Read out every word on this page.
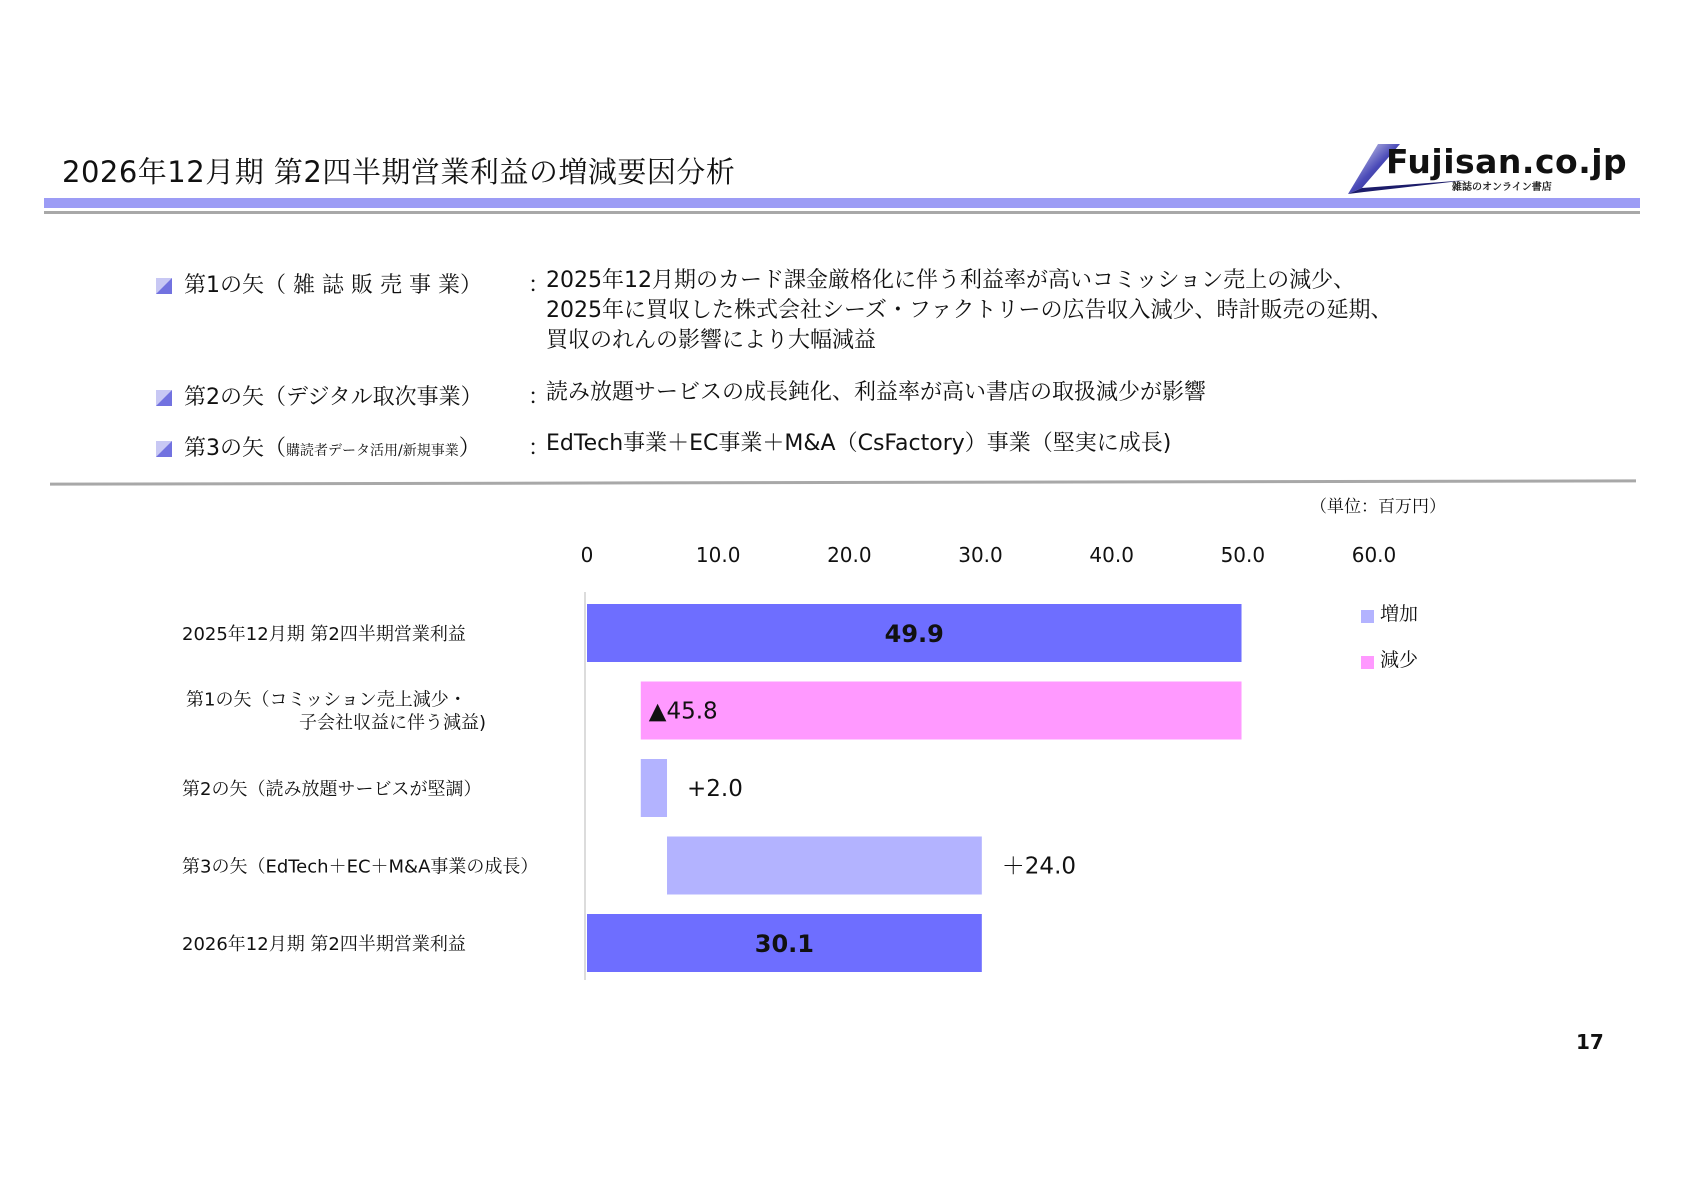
2026年12月期 第2四半期営業利益の増減要因分析	Fujisan.co.jp
雑誌のオンライン書店
第1の矢（ 雑 誌 販 売 事 業） ：
2025年12月期のカード課金厳格化に伴う利益率が高いコミッション売上の減少、
2025年に買収した株式会社シーズ・ファクトリーの広告収入減少、時計販売の延期、
買収のれんの影響により大幅減益
第2の矢（デジタル取次事業） ：
読み放題サービスの成長鈍化、利益率が高い書店の取扱減少が影響
第3の矢（購読者データ活用/新規事業） ：
EdTech事業＋EC事業＋M&A（CsFactory）事業（堅実に成長)
（単位：百万円）
0	10.0	20.0	30.0	40.0	50.0	60.0
49.9
2025年12月期 第2四半期営業利益
▲45.8
第1の矢（コミッション売上減少・
子会社収益に伴う減益)
+2.0
第2の矢（読み放題サービスが堅調）
＋24.0
第3の矢（EdTech＋EC＋M&A事業の成長）
30.1
2026年12月期 第2四半期営業利益
増加
減少
17
